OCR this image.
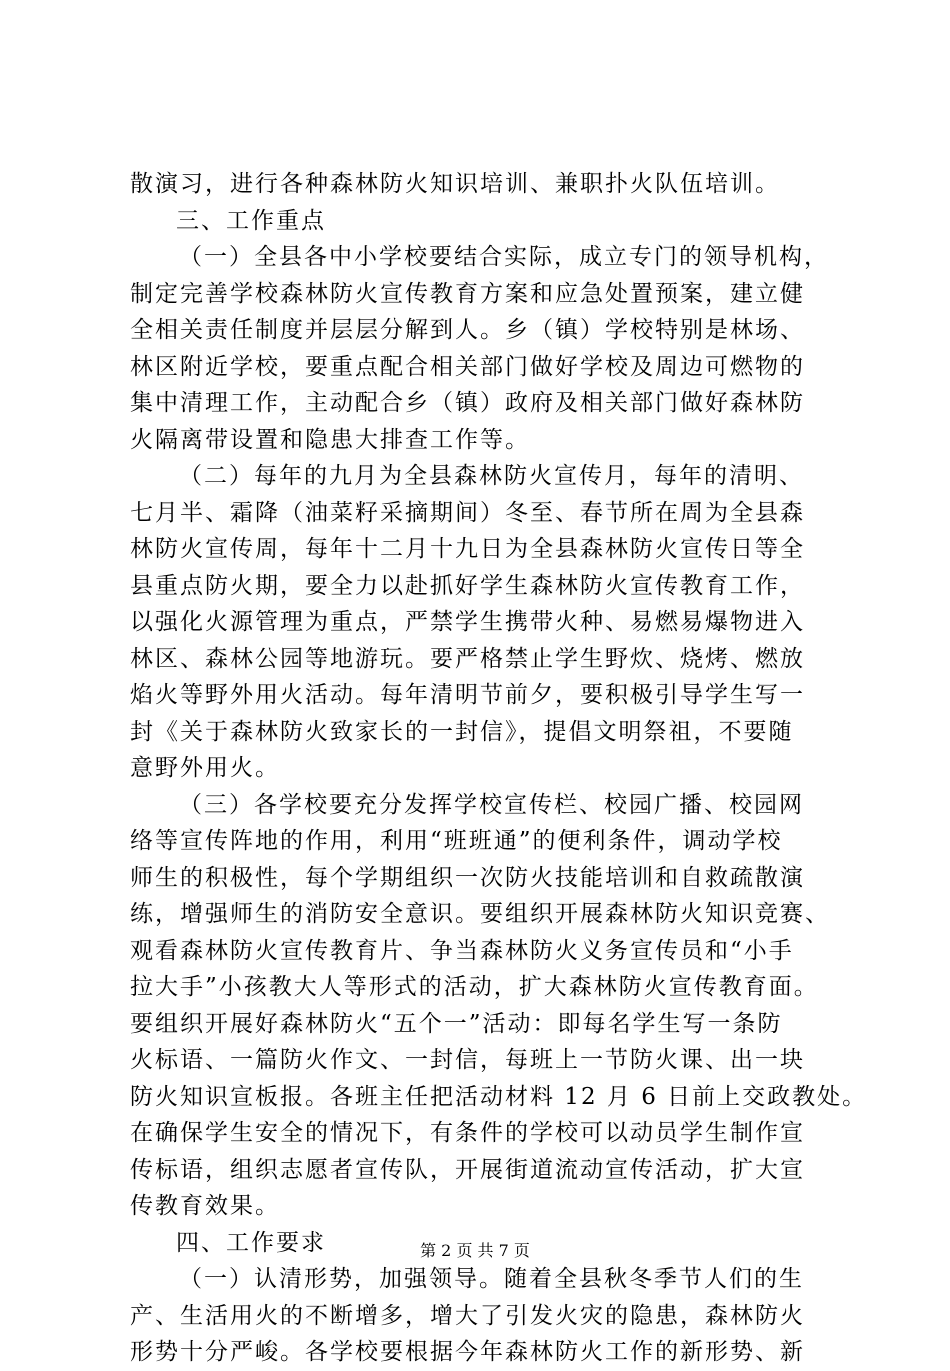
散演习，进行各种森林防火知识培训、兼职扑火队伍培训。
三、工作重点
（一）全县各中小学校要结合实际，成立专门的领导机构，
制定完善学校森林防火宣传教育方案和应急处置预案，建立健
全相关责任制度并层层分解到人。乡（镇）学校特别是林场、
林区附近学校，要重点配合相关部门做好学校及周边可燃物的
集中清理工作，主动配合乡（镇）政府及相关部门做好森林防
火隔离带设置和隐患大排查工作等。
（二）每年的九月为全县森林防火宣传月，每年的清明、
七月半、霜降（油菜籽采摘期间）冬至、春节所在周为全县森
林防火宣传周，每年十二月十九日为全县森林防火宣传日等全
县重点防火期，要全力以赴抓好学生森林防火宣传教育工作，
以强化火源管理为重点，严禁学生携带火种、易燃易爆物进入
林区、森林公园等地游玩。要严格禁止学生野炊、烧烤、燃放
焰火等野外用火活动。每年清明节前夕，要积极引导学生写一
封《关于森林防火致家长的一封信》，提倡文明祭祖，不要随
意野外用火。
（三）各学校要充分发挥学校宣传栏、校园广播、校园网
络等宣传阵地的作用，利用“班班通”的便利条件，调动学校
师生的积极性，每个学期组织一次防火技能培训和自救疏散演
练，增强师生的消防安全意识。要组织开展森林防火知识竞赛、
观看森林防火宣传教育片、争当森林防火义务宣传员和“小手
拉大手”小孩教大人等形式的活动，扩大森林防火宣传教育面。
要组织开展好森林防火“五个一”活动：即每名学生写一条防
火标语、一篇防火作文、一封信，每班上一节防火课、出一块
防火知识宣板报。各班主任把活动材料 12 月 6 日前上交政教处。
在确保学生安全的情况下，有条件的学校可以动员学生制作宣
传标语，组织志愿者宣传队，开展街道流动宣传活动，扩大宣
传教育效果。
四、工作要求
（一）认清形势，加强领导。随着全县秋冬季节人们的生
产、生活用火的不断增多，增大了引发火灾的隐患，森林防火
形势十分严峻。各学校要根据今年森林防火工作的新形势、新
第 2 页 共 7 页
